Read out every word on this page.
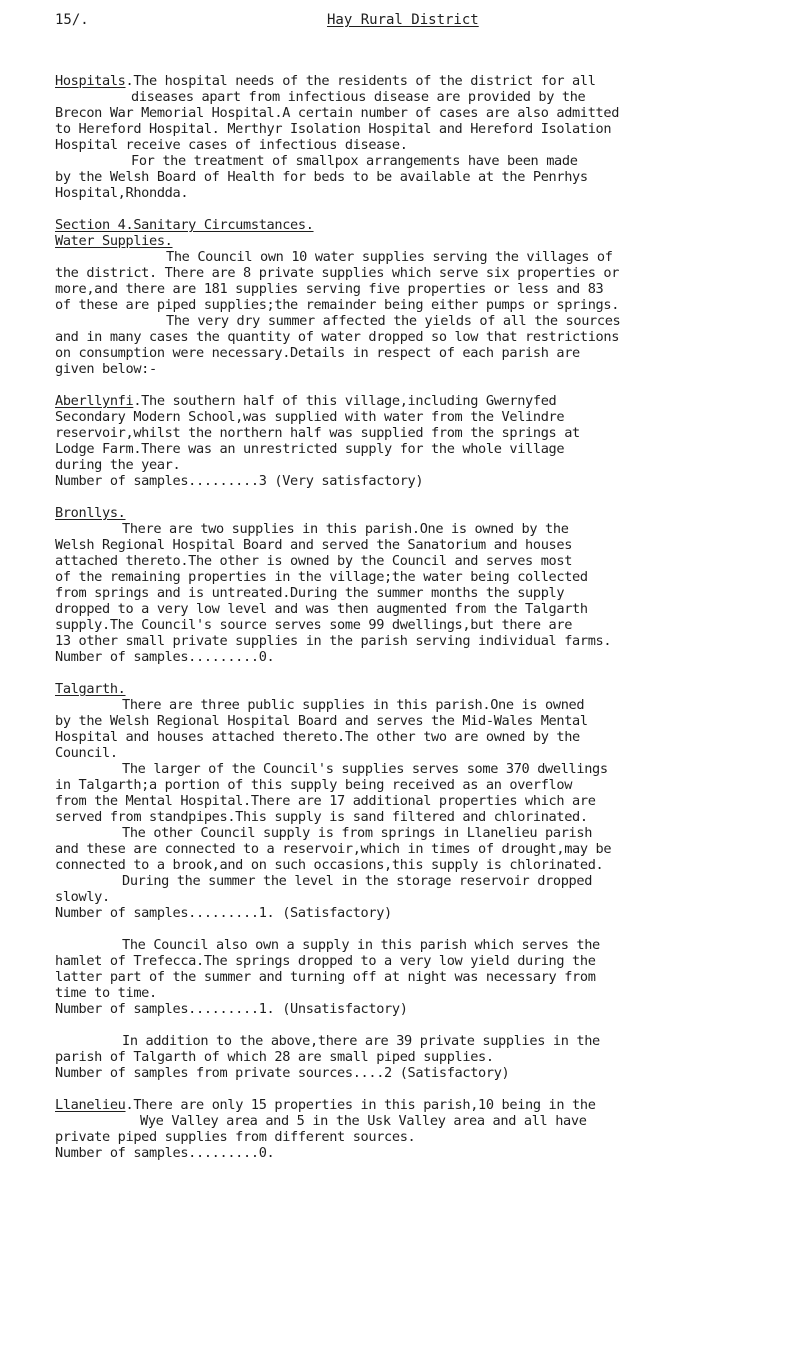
15/.	Hay Rural District
Hospitals.The hospital needs of the residents of the district for all
diseases apart from infectious disease are provided by the
Brecon War Memorial Hospital.A certain number of cases are also admitted
to Hereford Hospital. Merthyr Isolation Hospital and Hereford Isolation
Hospital receive cases of infectious disease.
For the treatment of smallpox arrangements have been made
by the Welsh Board of Health for beds to be available at the Penrhys
Hospital,Rhondda.
Section 4.Sanitary Circumstances.
Water Supplies.
The Council own 10 water supplies serving the villages of
the district. There are 8 private supplies which serve six properties or
more,and there are 181 supplies serving five properties or less and 83
of these are piped supplies;the remainder being either pumps or springs.
The very dry summer affected the yields of all the sources
and in many cases the quantity of water dropped so low that restrictions
on consumption were necessary.Details in respect of each parish are
given below:-
Aberllynfi.The southern half of this village,including Gwernyfed
Secondary Modern School,was supplied with water from the Velindre
reservoir,whilst the northern half was supplied from the springs at
Lodge Farm.There was an unrestricted supply for the whole village
during the year.
Number of samples.........3 (Very satisfactory)
Bronllys.
There are two supplies in this parish.One is owned by the
Welsh Regional Hospital Board and served the Sanatorium and houses
attached thereto.The other is owned by the Council and serves most
of the remaining properties in the village;the water being collected
from springs and is untreated.During the summer months the supply
dropped to a very low level and was then augmented from the Talgarth
supply.The Council's source serves some 99 dwellings,but there are
13 other small private supplies in the parish serving individual farms.
Number of samples.........0.
Talgarth.
There are three public supplies in this parish.One is owned
by the Welsh Regional Hospital Board and serves the Mid-Wales Mental
Hospital and houses attached thereto.The other two are owned by the
Council.
The larger of the Council's supplies serves some 370 dwellings
in Talgarth;a portion of this supply being received as an overflow
from the Mental Hospital.There are 17 additional properties which are
served from standpipes.This supply is sand filtered and chlorinated.
The other Council supply is from springs in Llanelieu parish
and these are connected to a reservoir,which in times of drought,may be
connected to a brook,and on such occasions,this supply is chlorinated.
During the summer the level in the storage reservoir dropped
slowly.
Number of samples.........1. (Satisfactory)
The Council also own a supply in this parish which serves the
hamlet of Trefecca.The springs dropped to a very low yield during the
latter part of the summer and turning off at night was necessary from
time to time.
Number of samples.........1. (Unsatisfactory)
In addition to the above,there are 39 private supplies in the
parish of Talgarth of which 28 are small piped supplies.
Number of samples from private sources....2 (Satisfactory)
Llanelieu.There are only 15 properties in this parish,10 being in the
Wye Valley area and 5 in the Usk Valley area and all have
private piped supplies from different sources.
Number of samples.........0.
